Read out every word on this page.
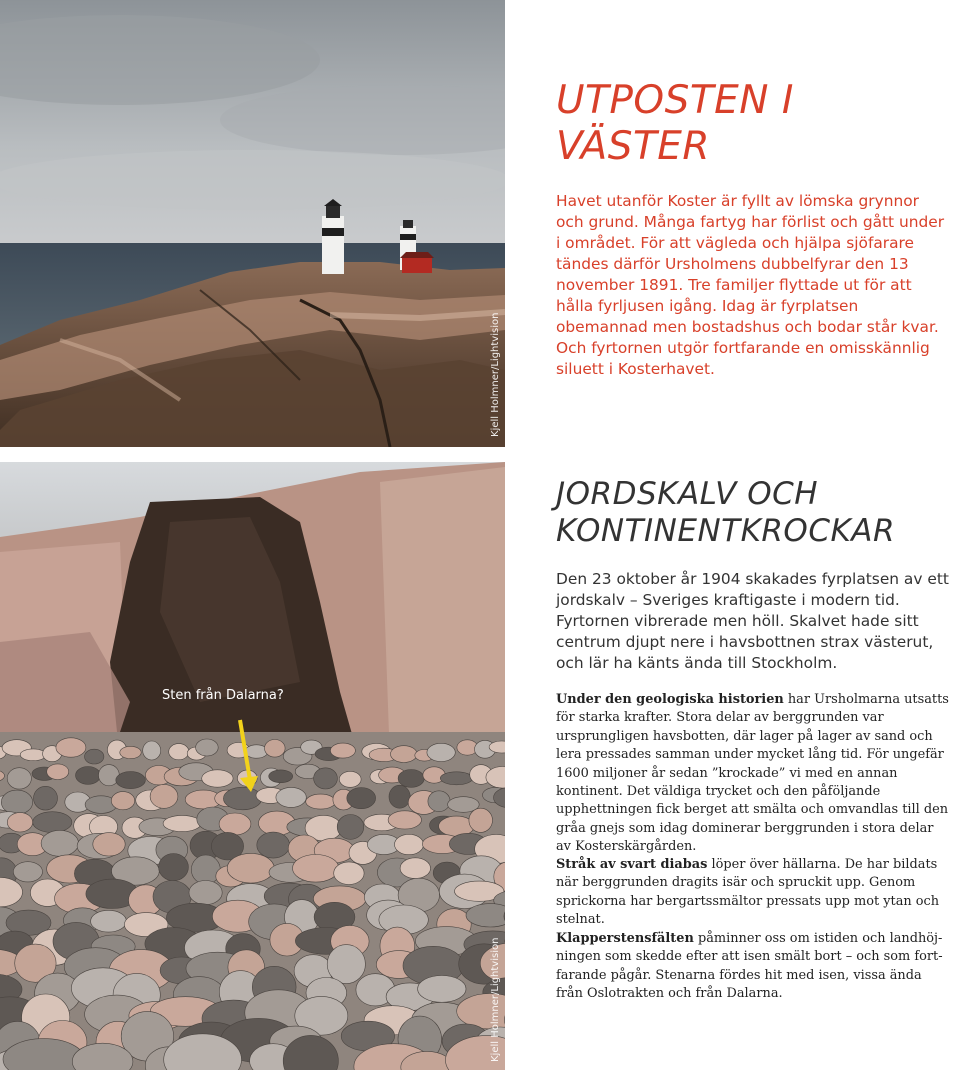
Kjell Holmner/Lightvision
Kjell Holmner/Lightvision
Sten från Dalarna?
UTPOSTEN I VÄSTER

Havet utanför Koster är fyllt av lömska grynnor och grund. Många fartyg har förlist och gått under i området. För att vägleda och hjälpa sjöfarare tändes därför Ursholmens dubbelfyrar den 13 november 1891. Tre familjer flyttade ut för att hålla fyrljusen igång. Idag är fyrplatsen obemannad men bostadshus och bodar står kvar. Och fyrtornen utgör fortfarande en omisskännlig siluett i Kosterhavet.

JORDSKALV OCH KONTINENTKROCKAR

Den 23 oktober år 1904 skakades fyrplatsen av ett jordskalv – Sveriges kraftigaste i modern tid. Fyrtornen vibrerade men höll. Skalvet hade sitt centrum djupt nere i havsbottnen strax västerut, och lär ha känts ända till Stockholm.

Under den geologiska historien har Ursholmarna utsatts för starka krafter. Stora delar av berggrunden var ursprungligen havsbotten, där lager på lager av sand och lera pressades samman under mycket lång tid. För ungefär 1600 miljoner år sedan ”krockade” vi med en annan kontinent. Det väldiga trycket och den påföljande upphettningen fick berget att smälta och omvandlas till den gråa gnejs som idag dominerar berggrunden i stora delar av Kosterskärgården.

Stråk av svart diabas löper över hällarna. De har bildats när berggrunden dragits isär och spruckit upp. Genom sprickorna har bergartssmältor pressats upp mot ytan och stelnat.

Klapperstensfälten påminner oss om istiden och landhöjningen som skedde efter att isen smält bort – och som fortfarande pågår. Stenarna fördes hit med isen, vissa ända från Oslotrakten och från Dalarna.
